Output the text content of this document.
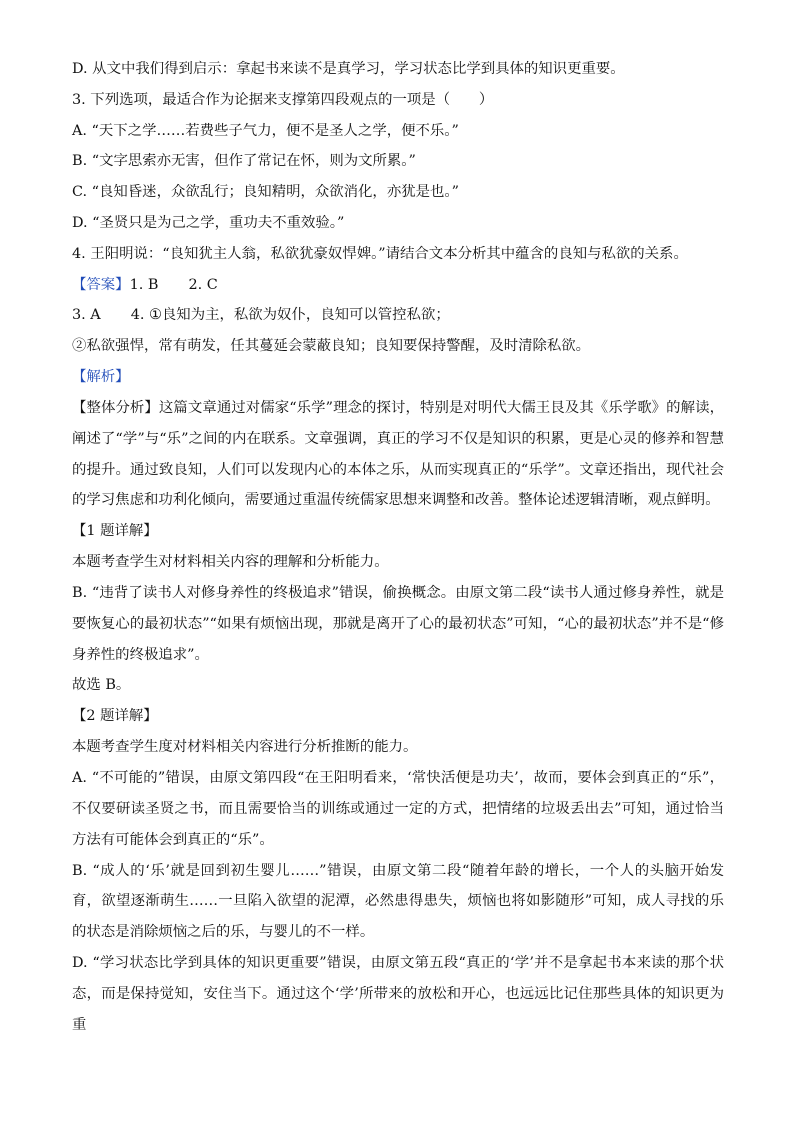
D. 从文中我们得到启示：拿起书来读不是真学习，学习状态比学到具体的知识更重要。
3. 下列选项，最适合作为论据来支撑第四段观点的一项是（　　）
A. “天下之学……若费些子气力，便不是圣人之学，便不乐。”
B. “文字思索亦无害，但作了常记在怀，则为文所累。”
C. “良知昏迷，众欲乱行；良知精明，众欲消化，亦犹是也。”
D. “圣贤只是为己之学，重功夫不重效验。”
4. 王阳明说：“良知犹主人翁，私欲犹豪奴悍婢。”请结合文本分析其中蕴含的良知与私欲的关系。
【答案】1. B 2. C
3. A 4. ①良知为主，私欲为奴仆，良知可以管控私欲；
②私欲强悍，常有萌发，任其蔓延会蒙蔽良知；良知要保持警醒，及时清除私欲。
【解析】
【整体分析】这篇文章通过对儒家“乐学”理念的探讨，特别是对明代大儒王艮及其《乐学歌》的解读，阐述了“学”与“乐”之间的内在联系。文章强调，真正的学习不仅是知识的积累，更是心灵的修养和智慧的提升。通过致良知，人们可以发现内心的本体之乐，从而实现真正的“乐学”。文章还指出，现代社会的学习焦虑和功利化倾向，需要通过重温传统儒家思想来调整和改善。整体论述逻辑清晰，观点鲜明。
【1 题详解】
本题考查学生对材料相关内容的理解和分析能力。
B. “违背了读书人对修身养性的终极追求”错误，偷换概念。由原文第二段“读书人通过修身养性，就是要恢复心的最初状态”“如果有烦恼出现，那就是离开了心的最初状态”可知，“心的最初状态”并不是“修身养性的终极追求”。
故选 B。
【2 题详解】
本题考查学生度对材料相关内容进行分析推断的能力。
A. “不可能的”错误，由原文第四段“在王阳明看来，‘常快活便是功夫’，故而，要体会到真正的“乐”，不仅要研读圣贤之书，而且需要恰当的训练或通过一定的方式，把情绪的垃圾丢出去”可知，通过恰当方法有可能体会到真正的“乐”。
B. “成人的‘乐’就是回到初生婴儿……”错误，由原文第二段“随着年龄的增长，一个人的头脑开始发育，欲望逐渐萌生……一旦陷入欲望的泥潭，必然患得患失，烦恼也将如影随形”可知，成人寻找的乐的状态是消除烦恼之后的乐，与婴儿的不一样。
D. “学习状态比学到具体的知识更重要”错误，由原文第五段“真正的‘学’并不是拿起书本来读的那个状态，而是保持觉知，安住当下。通过这个‘学’所带来的放松和开心，也远远比记住那些具体的知识更为重
